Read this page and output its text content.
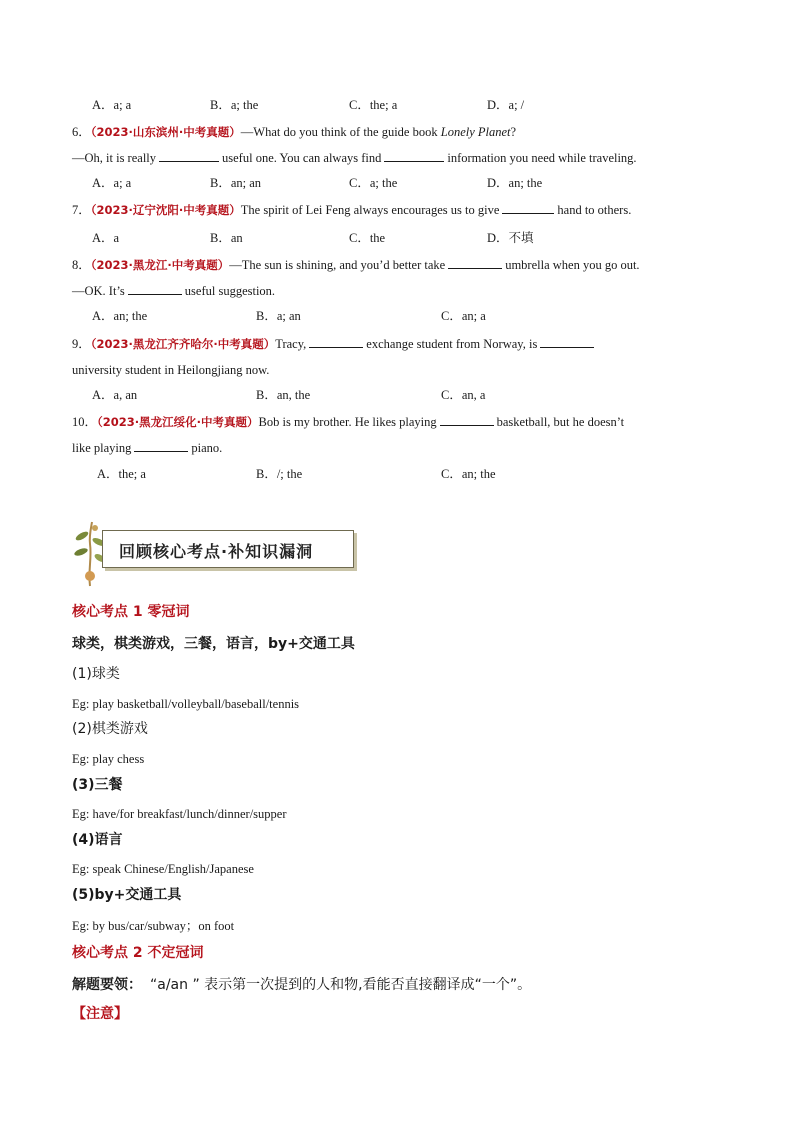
A．a; a	B．a; the	C．the; a	D．a; /
6．（2023·山东滨州·中考真题）—What do you think of the guide book Lonely Planet?
—Oh, it is really	useful one. You can always find	information you need while traveling.
A．a; a	B．an; an	C．a; the	D．an; the
7．（2023·辽宁沈阳·中考真题）The spirit of Lei Feng always encourages us to give	hand to others.
A．a	B．an	C．the	D．不填
8．（2023·黑龙江·中考真题）—The sun is shining, and you’d better take	umbrella when you go out.
—OK. It’s	useful suggestion.
A．an; the	B．a; an	C．an; a
9．（2023·黑龙江齐齐哈尔·中考真题）Tracy,	exchange student from Norway, is
university student in Heilongjiang now.
A．a, an	B．an, the	C．an, a
10．（2023·黑龙江绥化·中考真题）Bob is my brother. He likes playing	basketball, but he doesn’t
like playing	piano.
A．the; a	B．/; the	C．an; the
回顾核心考点·补知识漏洞
核心考点 1 零冠词
球类，棋类游戏，三餐，语言，by+交通工具
(1)球类
Eg: play basketball/volleyball/baseball/tennis
(2)棋类游戏
Eg: play chess
(3)三餐
Eg: have/for breakfast/lunch/dinner/supper
(4)语言
Eg: speak Chinese/English/Japanese
(5)by+交通工具
Eg: by bus/car/subway；on foot
核心考点 2 不定冠词
解题要领： “a/an ” 表示第一次提到的人和物,看能否直接翻译成“一个”。
【注意】
